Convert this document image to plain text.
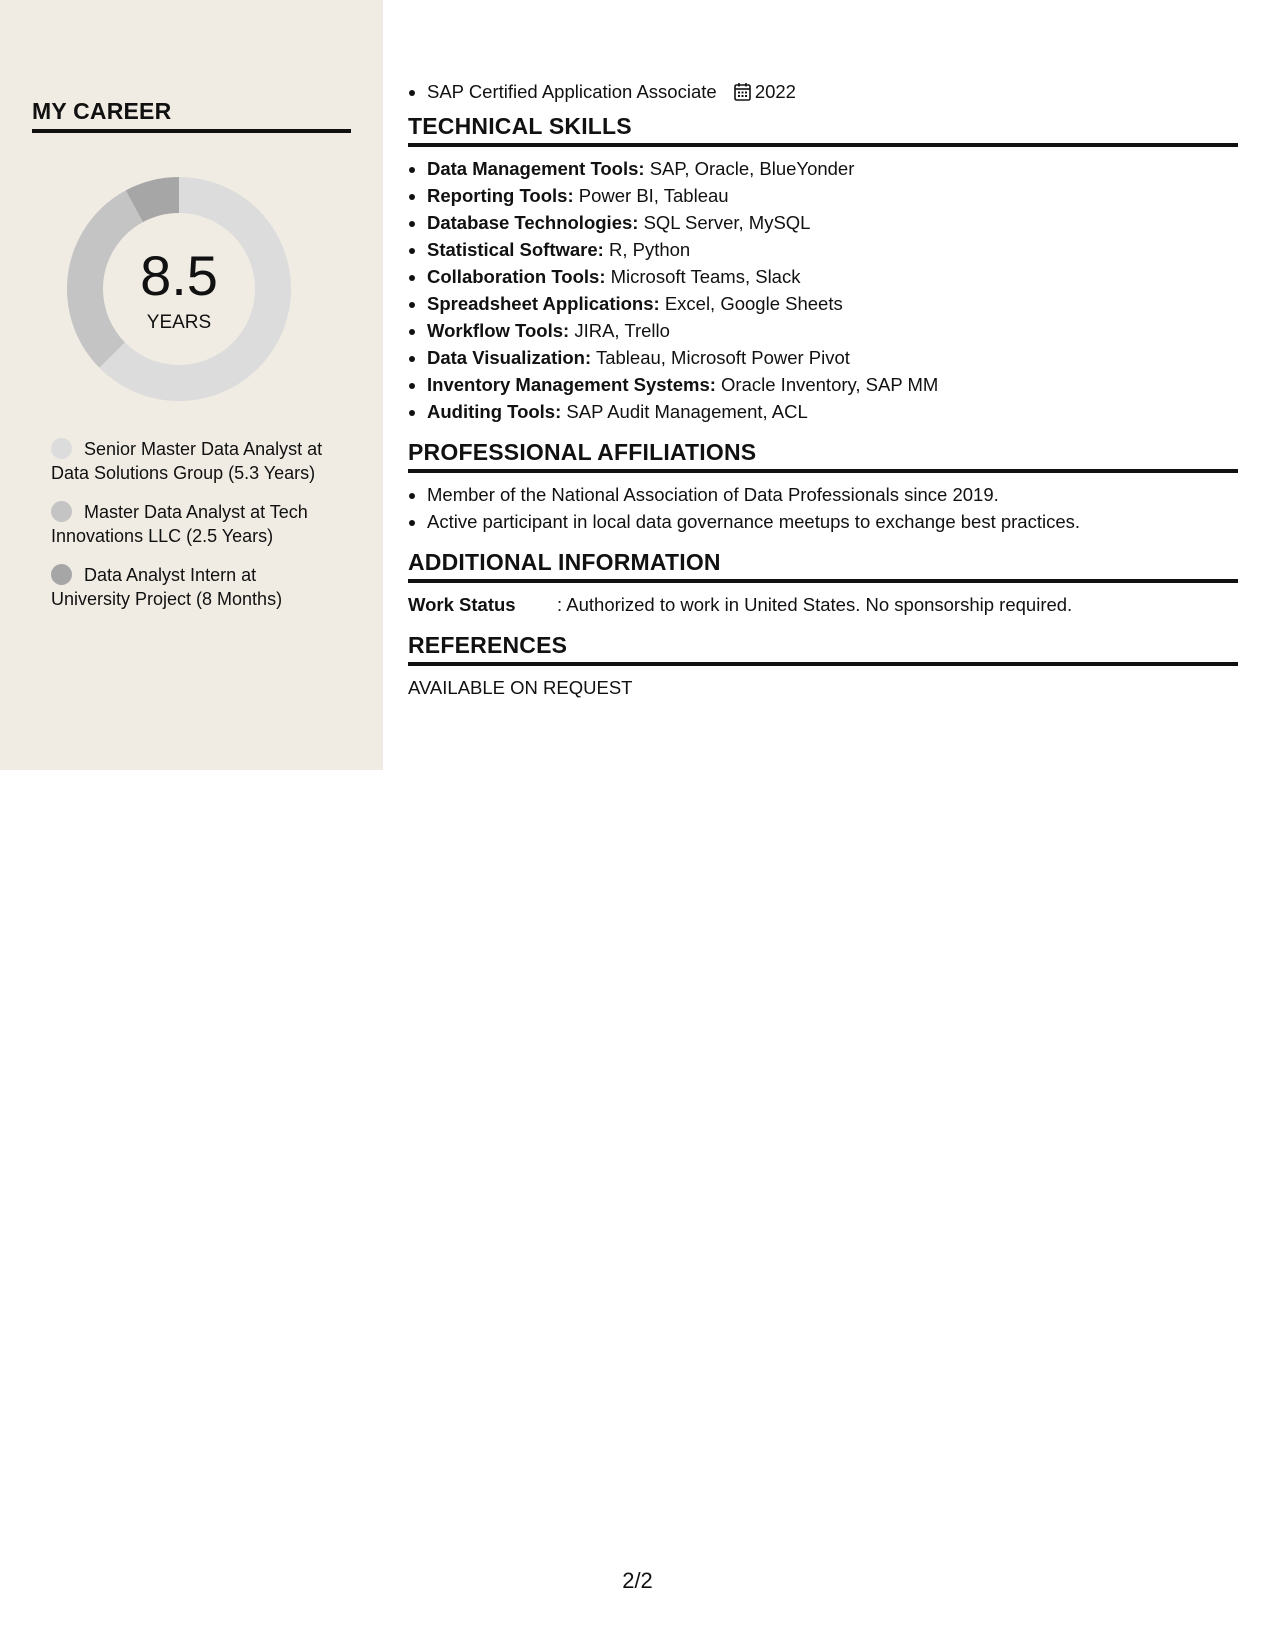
MY CAREER
8.5
YEARS
Senior Master Data Analyst at Data Solutions Group (5.3 Years)
Master Data Analyst at Tech Innovations LLC (2.5 Years)
Data Analyst Intern at University Project (8 Months)
• SAP Certified Application Associate 2022
TECHNICAL SKILLS
• Data Management Tools: SAP, Oracle, BlueYonder
• Reporting Tools: Power BI, Tableau
• Database Technologies: SQL Server, MySQL
• Statistical Software: R, Python
• Collaboration Tools: Microsoft Teams, Slack
• Spreadsheet Applications: Excel, Google Sheets
• Workflow Tools: JIRA, Trello
• Data Visualization: Tableau, Microsoft Power Pivot
• Inventory Management Systems: Oracle Inventory, SAP MM
• Auditing Tools: SAP Audit Management, ACL
PROFESSIONAL AFFILIATIONS
• Member of the National Association of Data Professionals since 2019.
• Active participant in local data governance meetups to exchange best practices.
ADDITIONAL INFORMATION
Work Status	: Authorized to work in United States. No sponsorship required.
REFERENCES
AVAILABLE ON REQUEST
2/2
